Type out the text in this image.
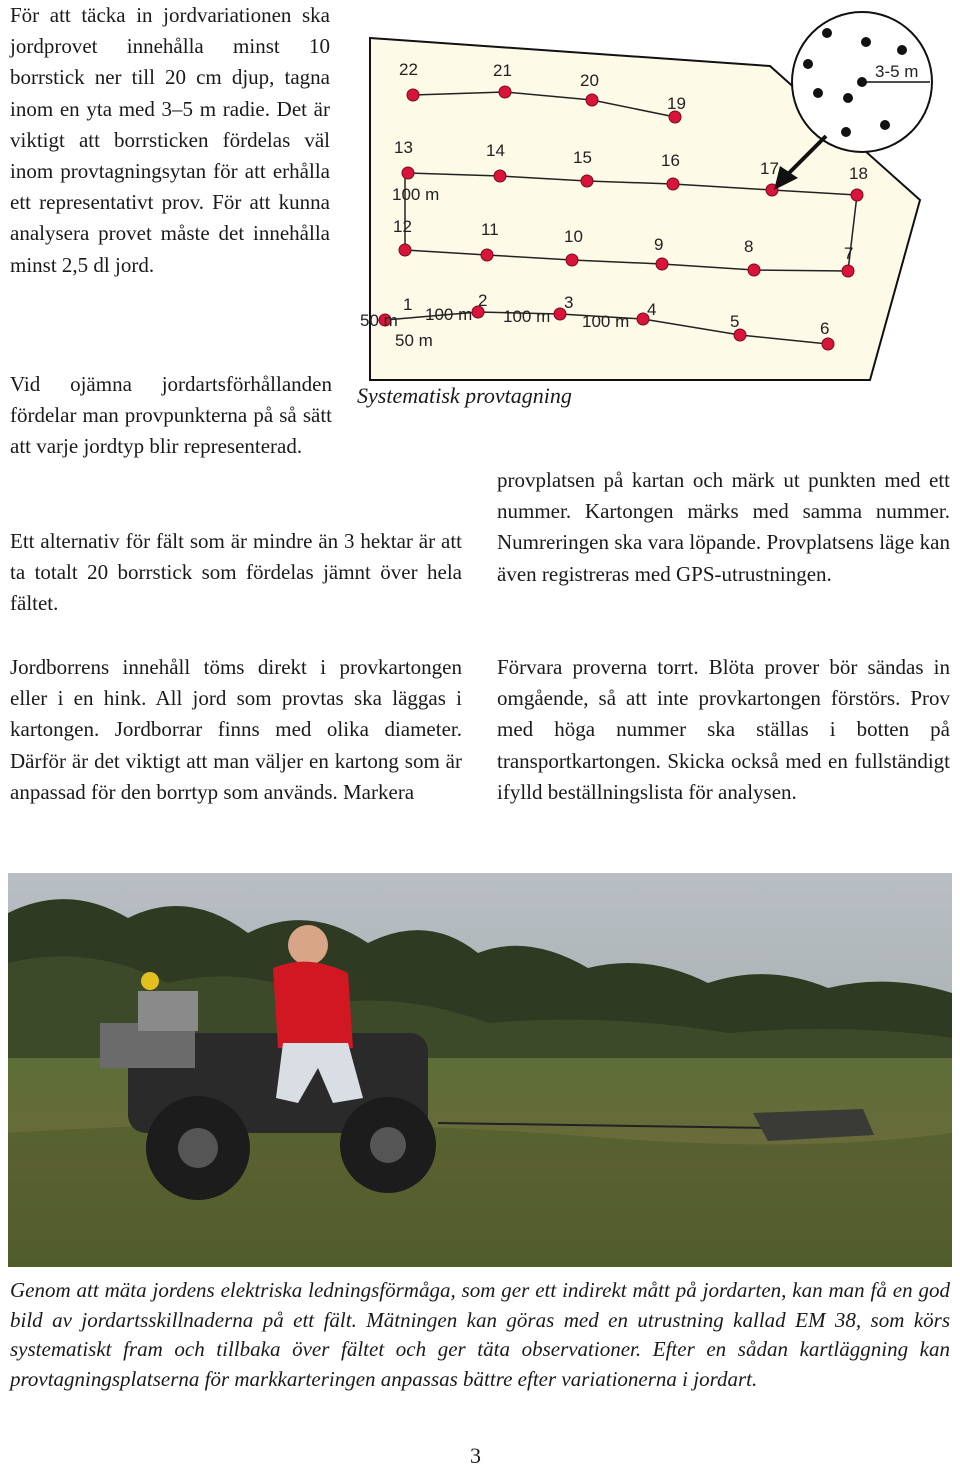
För att täcka in jordvariationen ska jordprovet innehålla minst 10 borrstick ner till 20 cm djup, tagna inom en yta med 3–5 m radie. Det är viktigt att borrsticken fördelas väl inom provtagningsytan för att erhålla ett representativt prov. För att kunna analysera provet måste det innehålla minst 2,5 dl jord.

Vid ojämna jordartsförhållanden fördelar man provpunkterna på så sätt att varje jordtyp blir representerad.

Ett alternativ för fält som är mindre än 3 hektar är att ta totalt 20 borrstick som fördelas jämnt över hela fältet.

Jordborrens innehåll töms direkt i provkartongen eller i en hink. All jord som provtas ska läggas i kartongen. Jordborrar finns med olika diameter. Därför är det viktigt att man väljer en kartong som är anpassad för den borrtyp som används. Markera

provplatsen på kartan och märk ut punkten med ett nummer. Kartongen märks med samma nummer. Numreringen ska vara löpande. Provplatsens läge kan även registreras med GPS-utrustningen.

Förvara proverna torrt. Blöta prover bör sändas in omgående, så att inte provkartongen förstörs. Prov med höga nummer ska ställas i botten på transportkartongen. Skicka också med en fullständigt ifylld beställningslista för analysen.

1	2	3	4
5	6
7
8
9
10
11
12
13	14	15	16	17	18
19
20
21
22
100 m
50 m 100 m 100 m 100 m
50 m
3-5 m

Systematisk provtagning

Genom att mäta jordens elektriska ledningsförmåga, som ger ett indirekt mått på jordarten, kan man få en god bild av jordartsskillnaderna på ett fält. Mätningen kan göras med en utrustning kallad EM 38, som körs systematiskt fram och tillbaka över fältet och ger täta observationer. Efter en sådan kartläggning kan provtagningsplatserna för markkarteringen anpassas bättre efter variationerna i jordart.

3
